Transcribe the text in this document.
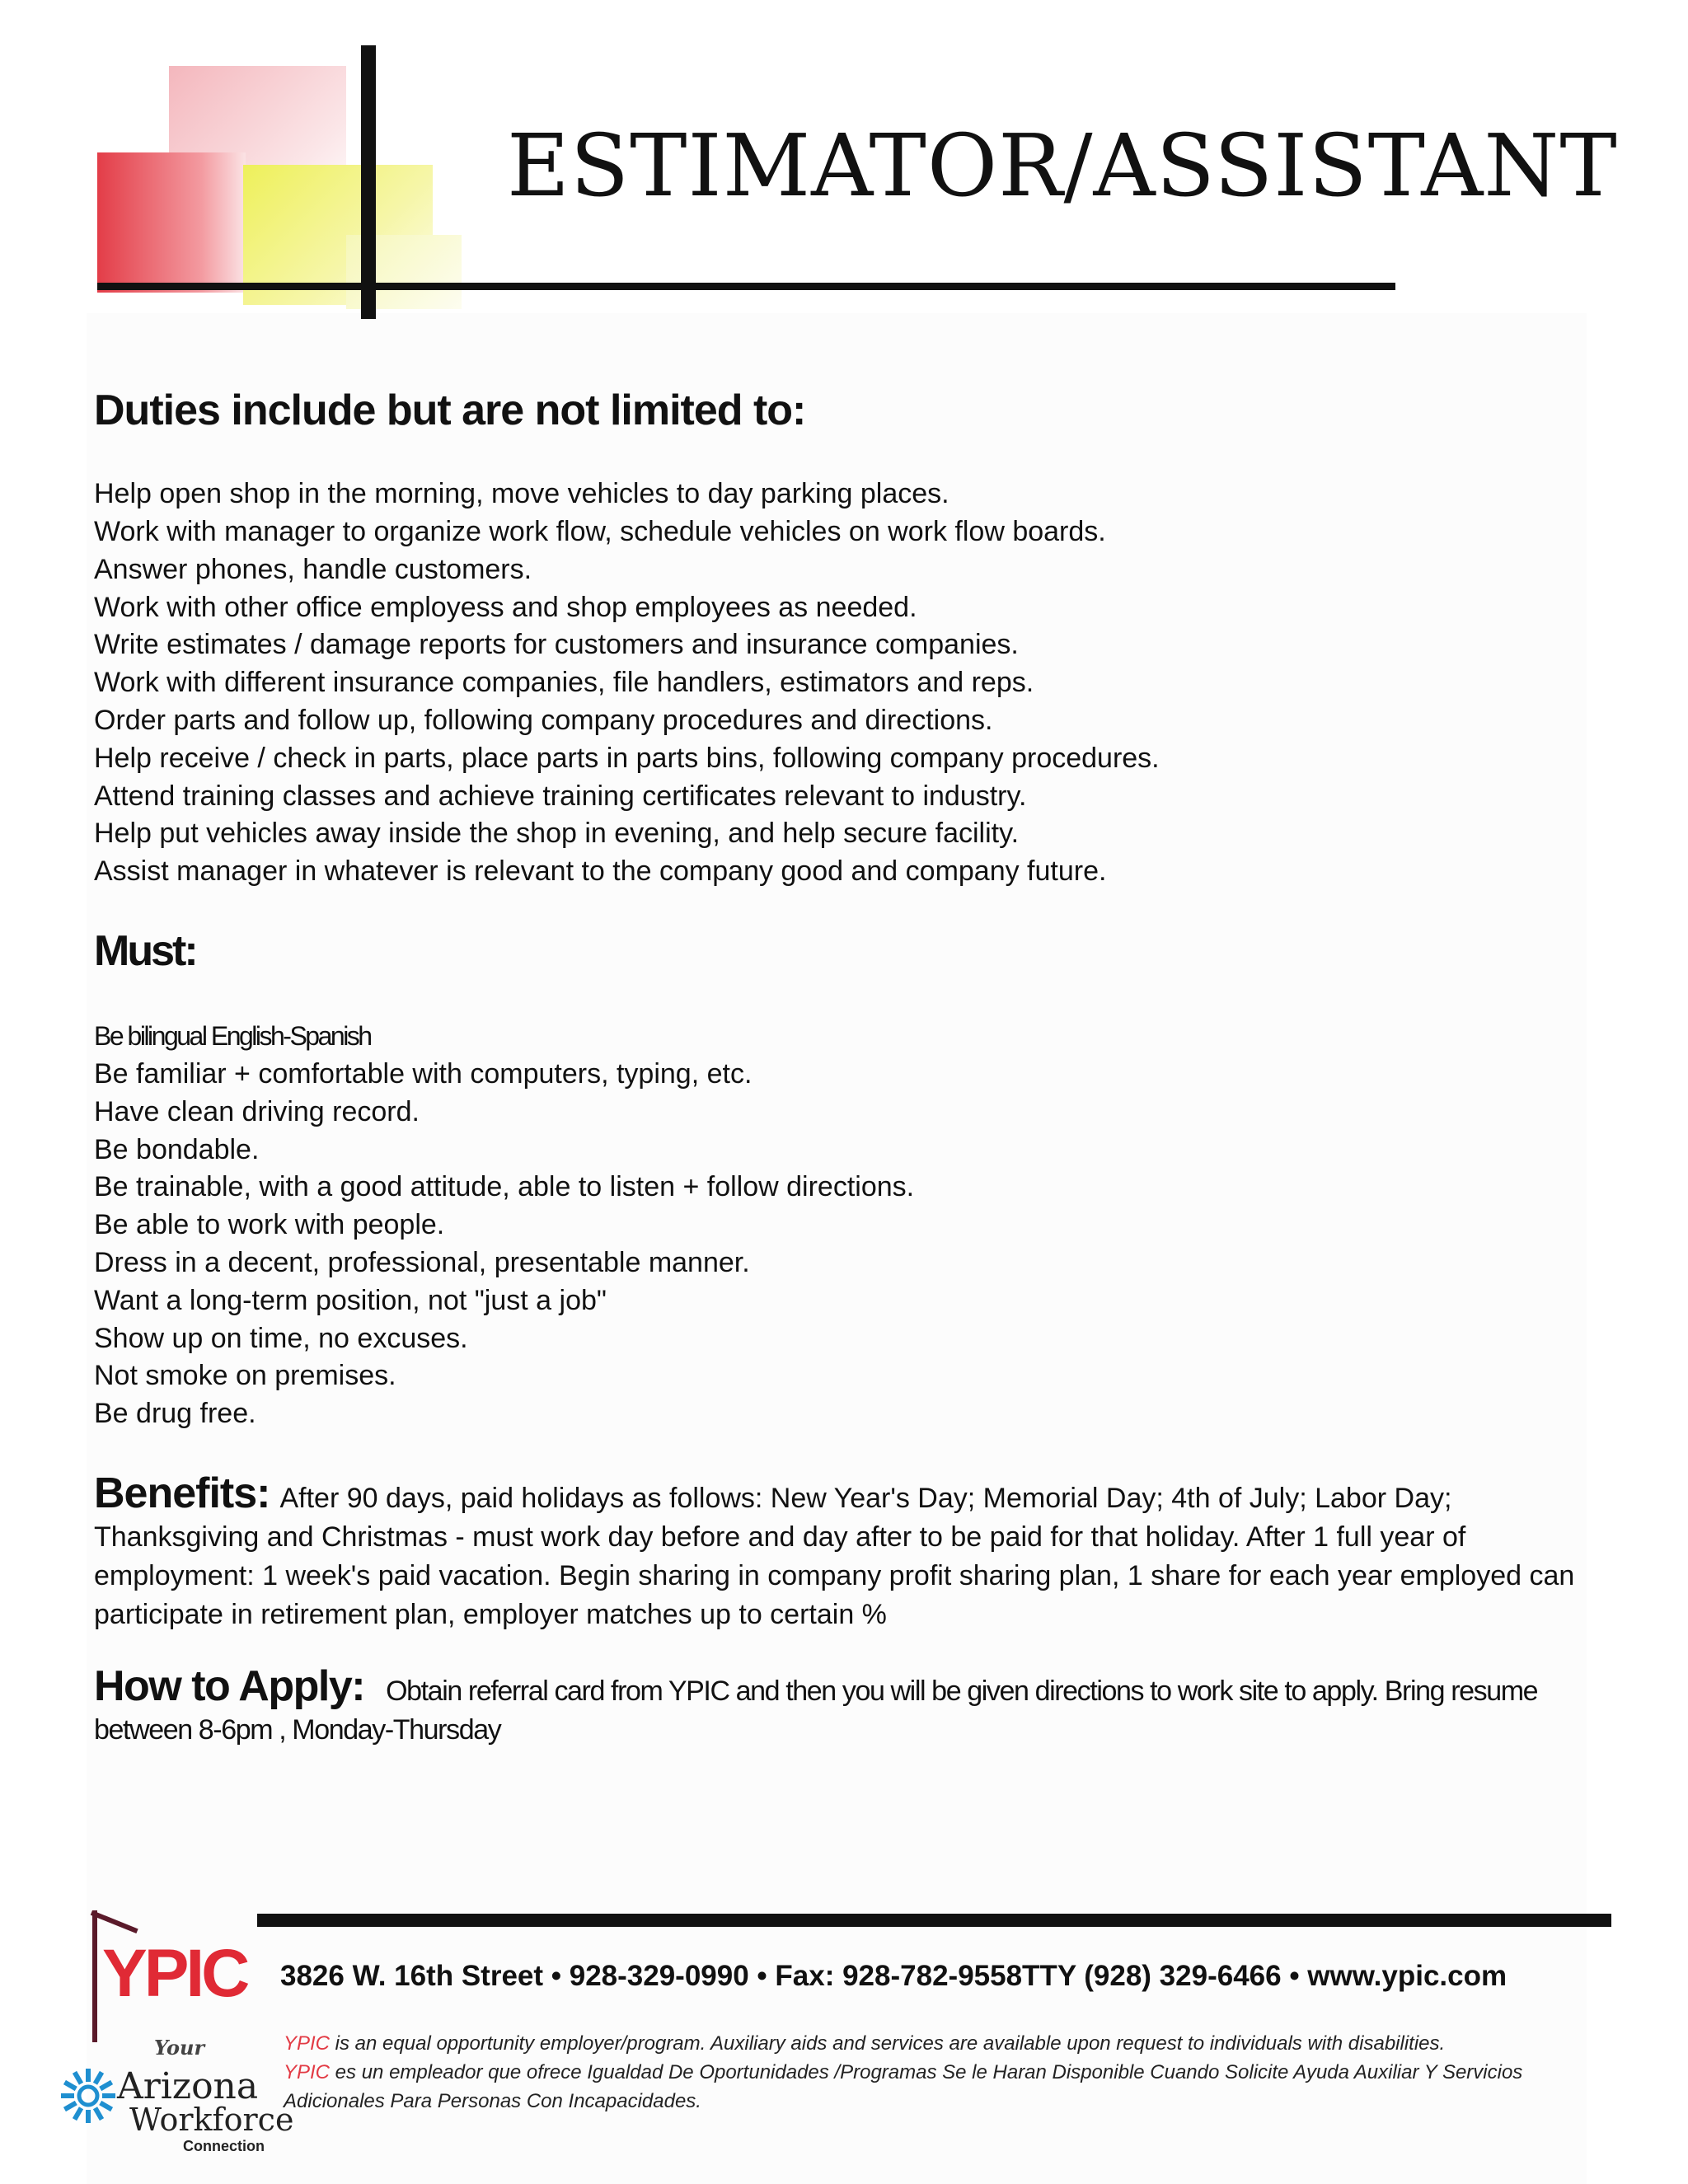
ESTIMATOR/ASSISTANT
Duties include but are not limited to:
Help open shop in the morning, move vehicles to day parking places.
Work with manager to organize work flow, schedule vehicles on work flow boards.
Answer phones, handle customers.
Work with other office employess and shop employees as needed.
Write estimates / damage reports for customers and insurance companies.
Work with different insurance companies, file handlers, estimators and reps.
Order parts and follow up, following company procedures and directions.
Help receive / check in parts, place parts in parts bins, following company procedures.
Attend training classes and achieve training certificates relevant to industry.
Help put vehicles away inside the shop in evening, and help secure facility.
Assist manager in whatever is relevant to the company good and company future.
Must:
Be bilingual English-Spanish
Be familiar + comfortable with computers, typing, etc.
Have clean driving record.
Be bondable.
Be trainable, with a good attitude, able to listen + follow directions.
Be able to work with people.
Dress in a decent, professional, presentable manner.
Want a long-term position, not "just a job"
Show up on time, no excuses.
Not smoke on premises.
Be drug free.

Benefits: After 90 days, paid holidays as follows: New Year's Day; Memorial Day; 4th of July; Labor Day; Thanksgiving and Christmas - must work day before and day after to be paid for that holiday. After 1 full year of employment: 1 week's paid vacation. Begin sharing in company profit sharing plan, 1 share for each year employed can participate in retirement plan, employer matches up to certain %

How to Apply: Obtain referral card from YPIC and then you will be given directions to work site to apply. Bring resume between 8-6pm , Monday-Thursday

3826 W. 16th Street • 928-329-0990 • Fax: 928-782-9558TTY (928) 329-6466 • www.ypic.com
YPIC is an equal opportunity employer/program. Auxiliary aids and services are available upon request to individuals with disabilities.
YPIC es un empleador que ofrece Igualdad De Oportunidades /Programas Se le Haran Disponible Cuando Solicite Ayuda Auxiliar Y Servicios
Adicionales Para Personas Con Incapacidades.
YPIC
Your
Arizona
Workforce
Connection
